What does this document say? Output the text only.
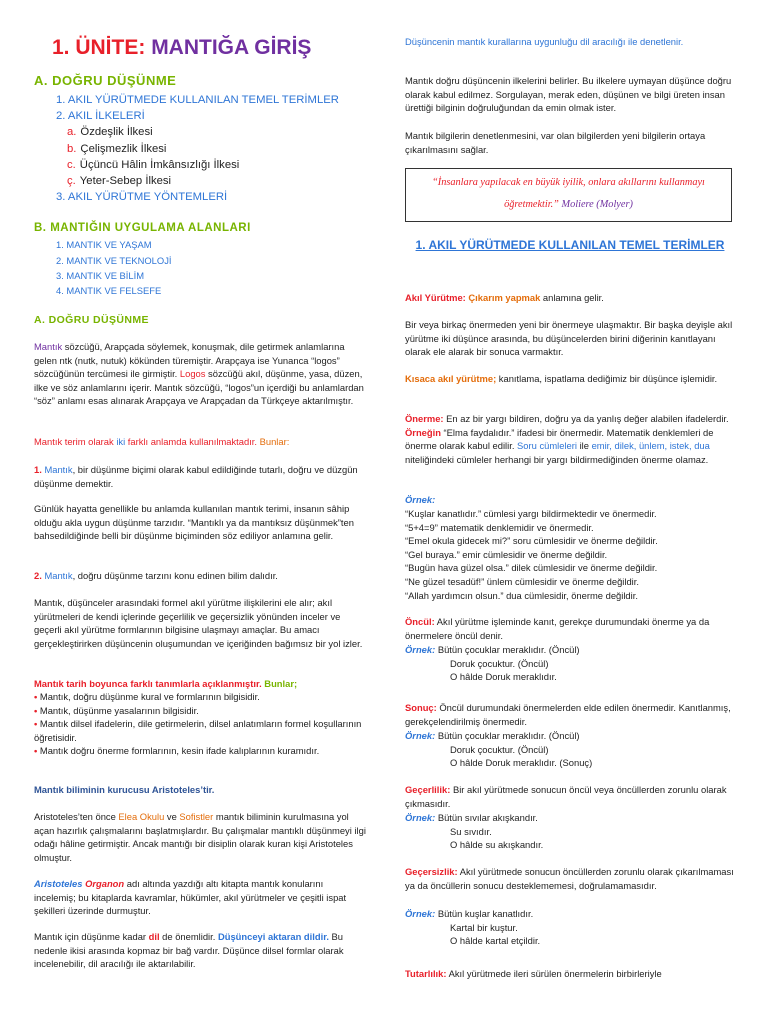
1. ÜNİTE: MANTIĞA GİRİŞ
A. DOĞRU DÜŞÜNME
1. AKIL YÜRÜTMEDE KULLANILAN TEMEL TERİMLER
2. AKIL İLKELERİ
a. Özdeşlik İlkesi
b. Çelişmezlik İlkesi
c. Üçüncü Hâlin İmkânsızlığı İlkesi
ç. Yeter-Sebep İlkesi
3. AKIL YÜRÜTME YÖNTEMLERİ
B. MANTIĞIN UYGULAMA ALANLARI
1. MANTIK VE YAŞAM
2. MANTIK VE TEKNOLOJİ
3. MANTIK VE BİLİM
4. MANTIK VE FELSEFE
A. DOĞRU DÜŞÜNME

Mantık sözcüğü, Arapçada söylemek, konuşmak, dile getirmek anlamlarına gelen ntk (nutk, nutuk) kökünden türemiştir. Arapçaya ise Yunanca “logos” sözcüğünün tercümesi ile girmiştir. Logos sözcüğü akıl, düşünme, yasa, düzen, ilke ve söz anlamlarını içerir. Mantık sözcüğü, “logos”un içerdiği bu anlamlardan “söz” anlamı esas alınarak Arapçaya ve Arapçadan da Türkçeye aktarılmıştır.

Mantık terim olarak iki farklı anlamda kullanılmaktadır. Bunlar:

1. Mantık, bir düşünme biçimi olarak kabul edildiğinde tutarlı, doğru ve düzgün düşünme demektir.

Günlük hayatta genellikle bu anlamda kullanılan mantık terimi, insanın sâhip olduğu akla uygun düşünme tarzıdır. “Mantıklı ya da mantıksız düşünmek”ten bahsedildiğinde belli bir düşünme biçiminden söz ediliyor anlamına gelir.

2. Mantık, doğru düşünme tarzını konu edinen bilim dalıdır.

Mantık, düşünceler arasındaki formel akıl yürütme ilişkilerini ele alır; akıl yürütmeleri de kendi içlerinde geçerlilik ve geçersizlik yönünden inceler ve geçerli akıl yürütme formlarının bilgisine ulaşmayı amaçlar. Bu amacı gerçekleştirirken düşüncenin oluşumundan ve içeriğinden bağımsız bir yol izler.

Mantık tarih boyunca farklı tanımlarla açıklanmıştır. Bunlar;

• Mantık, doğru düşünme kural ve formlarının bilgisidir.
• Mantık, düşünme yasalarının bilgisidir.
• Mantık dilsel ifadelerin, dile getirmelerin, dilsel anlatımların formel koşullarının öğretisidir.
• Mantık doğru önerme formlarının, kesin ifade kalıplarının kuramıdır.

Mantık biliminin kurucusu Aristoteles’tir.

Aristoteles’ten önce Elea Okulu ve Sofistler mantık biliminin kurulmasına yol açan hazırlık çalışmalarını başlatmışlardır. Bu çalışmalar mantıklı düşünmeyi ilgi odağı hâline getirmiştir. Ancak mantığı bir disiplin olarak kuran kişi Aristoteles olmuştur.

Aristoteles Organon adı altında yazdığı altı kitapta mantık konularını incelemiş; bu kitaplarda kavramlar, hükümler, akıl yürütmeler ve çeşitli ispat şekilleri üzerinde durmuştur.

Mantık için düşünme kadar dil de önemlidir. Düşünceyi aktaran dildir. Bu nedenle ikisi arasında kopmaz bir bağ vardır. Düşünce dilsel formlar olarak incelenebilir, dil aracılığı ile aktarılabilir.

Düşüncenin mantık kurallarına uygunluğu dil aracılığı ile denetlenir.

Mantık doğru düşüncenin ilkelerini belirler. Bu ilkelere uymayan düşünce doğru olarak kabul edilmez. Sorgulayan, merak eden, düşünen ve bilgi üreten insan ürettiği bilginin doğruluğundan da emin olmak ister.

Mantık bilgilerin denetlenmesini, var olan bilgilerden yeni bilgilerin ortaya çıkarılmasını sağlar.

“İnsanlara yapılacak en büyük iyilik, onlara akıllarını kullanmayı
öğretmektir.” Moliere (Molyer)
1. AKIL YÜRÜTMEDE KULLANILAN TEMEL TERİMLER

Akıl Yürütme: Çıkarım yapmak anlamına gelir.

Bir veya birkaç önermeden yeni bir önermeye ulaşmaktır. Bir başka deyişle akıl yürütme iki düşünce arasında, bu düşüncelerden birini diğerinin kanıtlayanı olarak ele alarak bir sonuca varmaktır.

Kısaca akıl yürütme; kanıtlama, ispatlama dediğimiz bir düşünce işlemidir.

Önerme: En az bir yargı bildiren, doğru ya da yanlış değer alabilen ifadelerdir. Örneğin “Elma faydalıdır.” ifadesi bir önermedir. Matematik denklemleri de önerme olarak kabul edilir. Soru cümleleri ile emir, dilek, ünlem, istek, dua niteliğindeki cümleler herhangi bir yargı bildirmediğinden önerme olamaz.

Örnek:

“Kuşlar kanatlıdır.” cümlesi yargı bildirmektedir ve önermedir.
“5+4=9” matematik denklemidir ve önermedir.
“Emel okula gidecek mi?” soru cümlesidir ve önerme değildir.
“Gel buraya.” emir cümlesidir ve önerme değildir.
“Bugün hava güzel olsa.” dilek cümlesidir ve önerme değildir.
“Ne güzel tesadüf!” ünlem cümlesidir ve önerme değildir.
“Allah yardımcın olsun.” dua cümlesidir, önerme değildir.

Öncül: Akıl yürütme işleminde kanıt, gerekçe durumundaki önerme ya da önermelere öncül denir.

Örnek: Bütün çocuklar meraklıdır. (Öncül)
Doruk çocuktur. (Öncül)
O hâlde Doruk meraklıdır.

Sonuç: Öncül durumundaki önermelerden elde edilen önermedir. Kanıtlanmış, gerekçelendirilmiş önermedir.

Örnek: Bütün çocuklar meraklıdır. (Öncül)
Doruk çocuktur. (Öncül)
O hâlde Doruk meraklıdır. (Sonuç)

Geçerlilik: Bir akıl yürütmede sonucun öncül veya öncüllerden zorunlu olarak çıkmasıdır.

Örnek: Bütün sıvılar akışkandır.
Su sıvıdır.
O hâlde su akışkandır.

Geçersizlik: Akıl yürütmede sonucun öncüllerden zorunlu olarak çıkarılmaması ya da öncüllerin sonucu desteklememesi, doğrulamamasıdır.

Örnek: Bütün kuşlar kanatlıdır.
Kartal bir kuştur.
O hâlde kartal etçildir.

Tutarlılık: Akıl yürütmede ileri sürülen önermelerin birbirleriyle
